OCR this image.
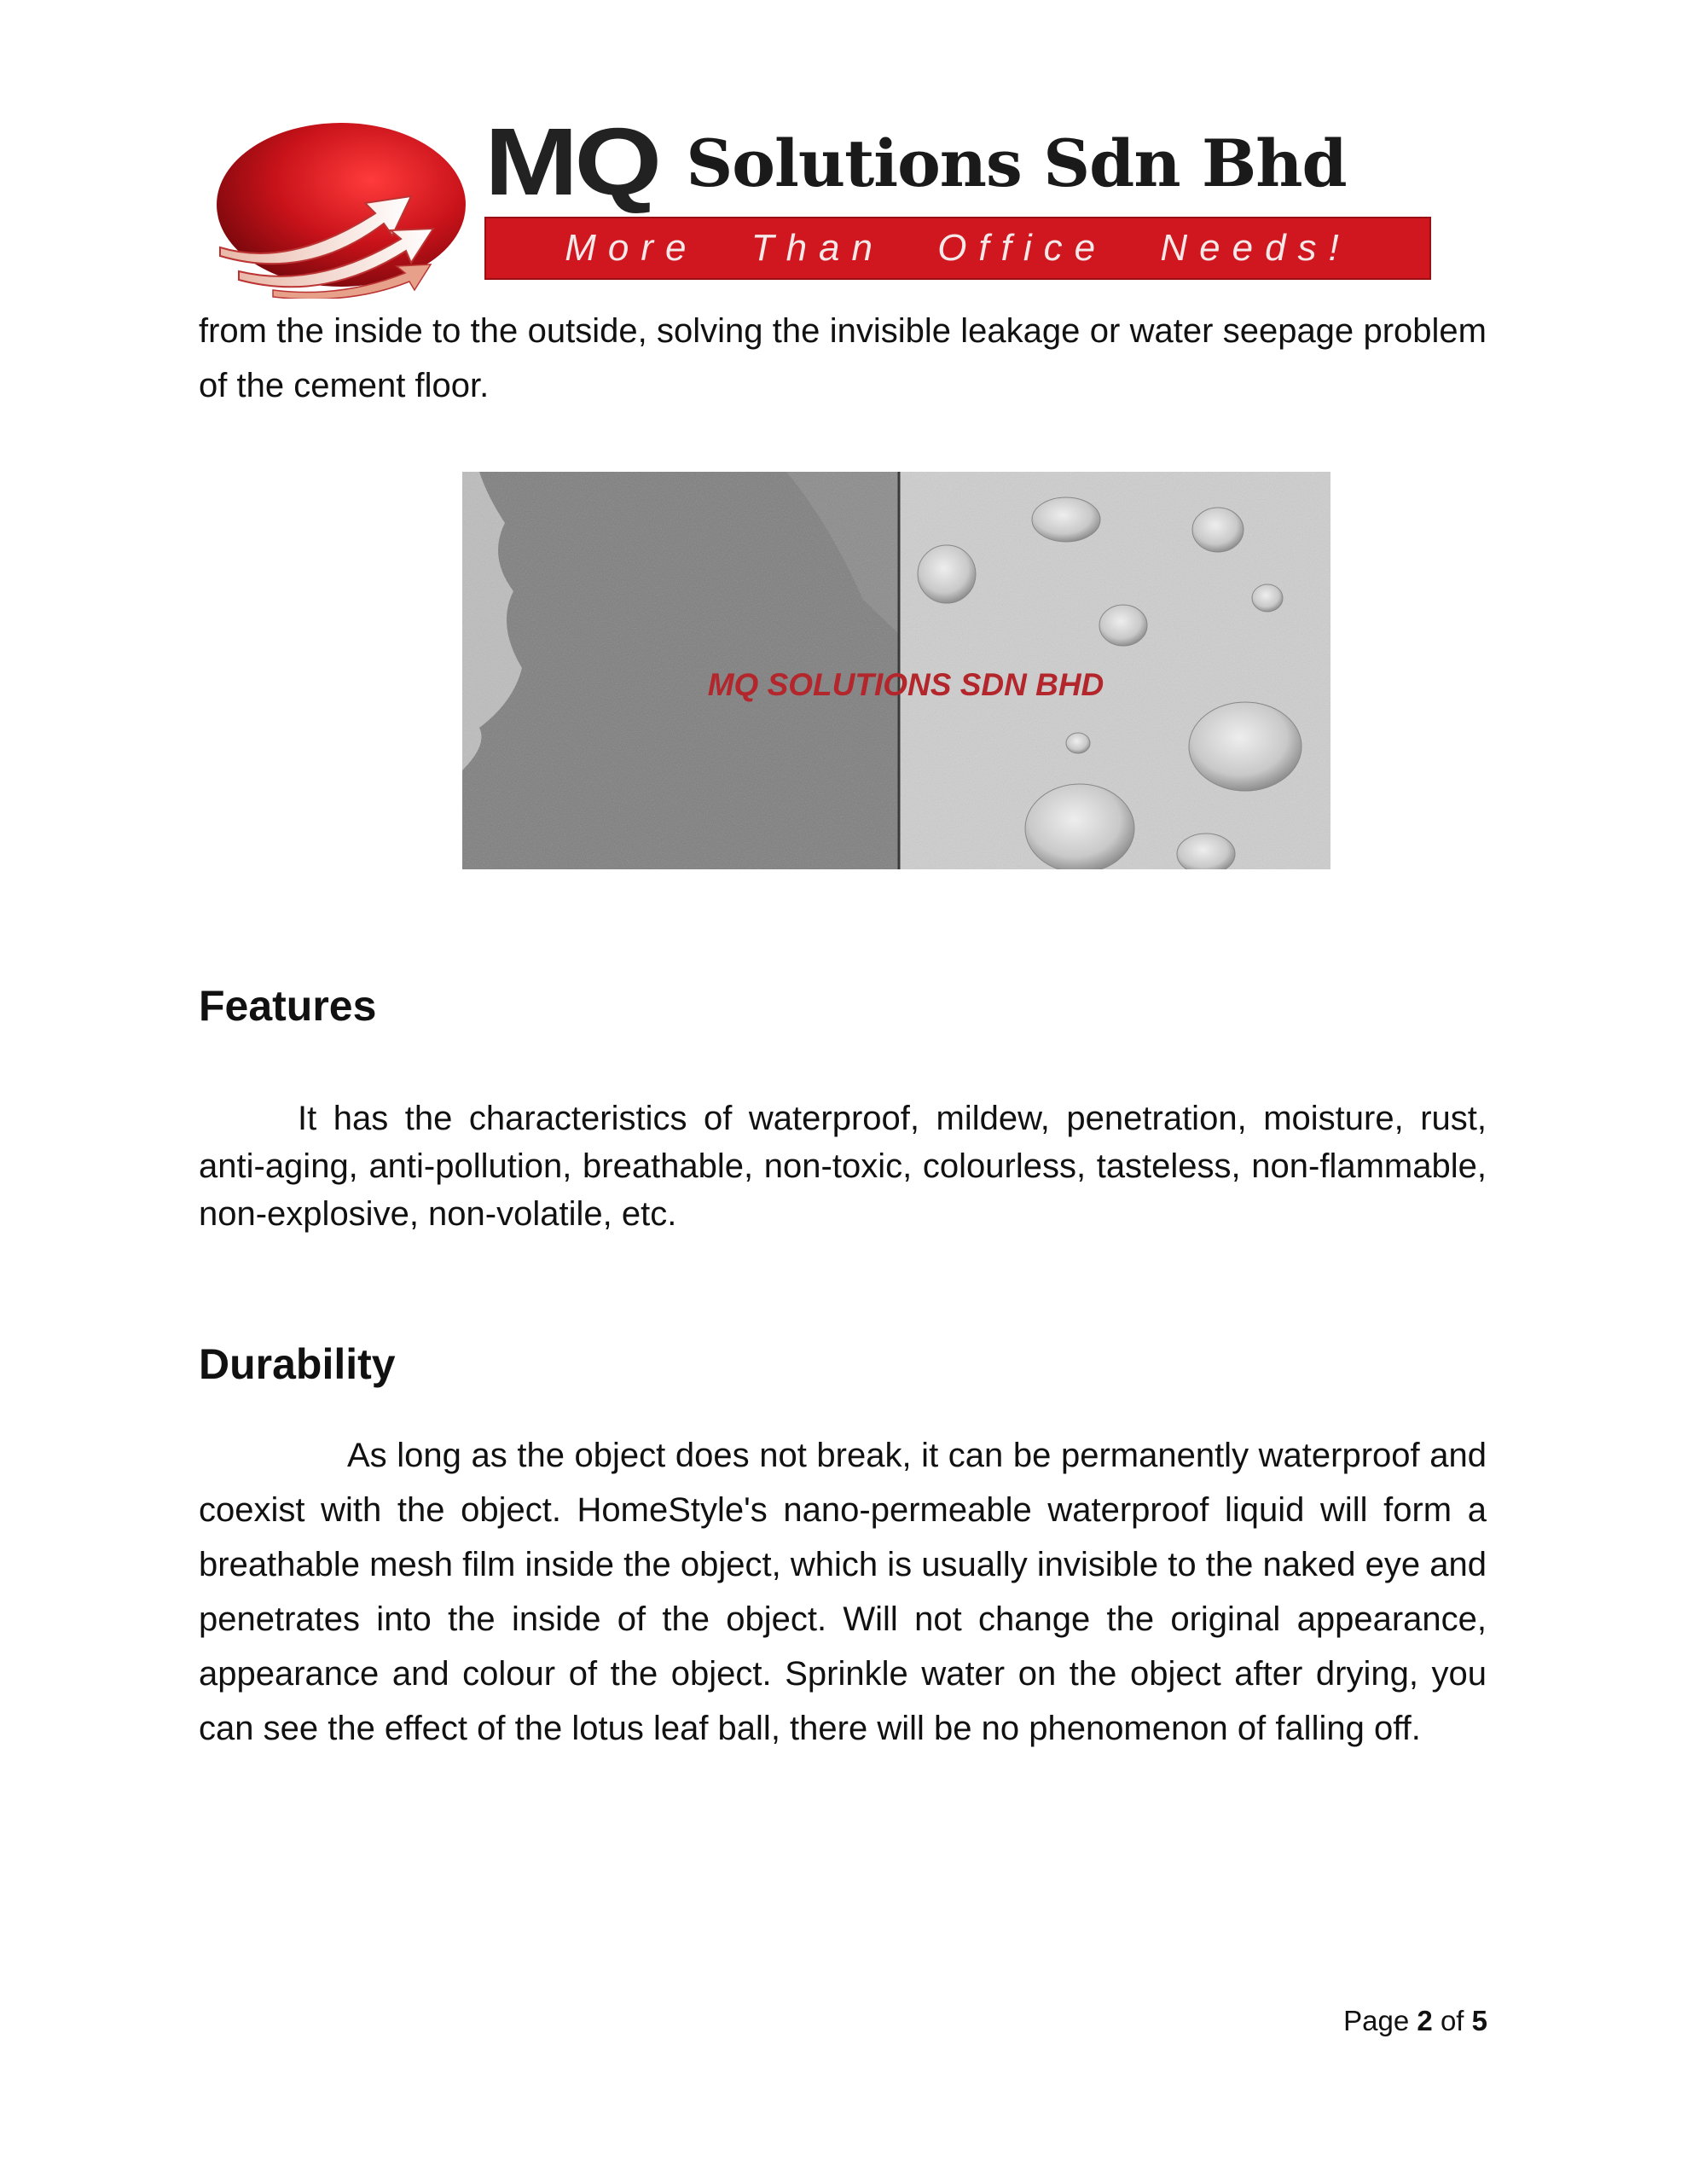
MQ Solutions Sdn Bhd
More Than Office Needs!

from the inside to the outside, solving the invisible leakage or water seepage problem of the cement floor.

MQ SOLUTIONS SDN BHD
Features

It has the characteristics of waterproof, mildew, penetration, moisture, rust, anti-aging, anti-pollution, breathable, non-toxic, colourless, tasteless, non-flammable, non-explosive, non-volatile, etc.

Durability

As long as the object does not break, it can be permanently waterproof and coexist with the object. HomeStyle's nano-permeable waterproof liquid will form a breathable mesh film inside the object, which is usually invisible to the naked eye and penetrates into the inside of the object. Will not change the original appearance, appearance and colour of the object. Sprinkle water on the object after drying, you can see the effect of the lotus leaf ball, there will be no phenomenon of falling off.

Page 2 of 5
